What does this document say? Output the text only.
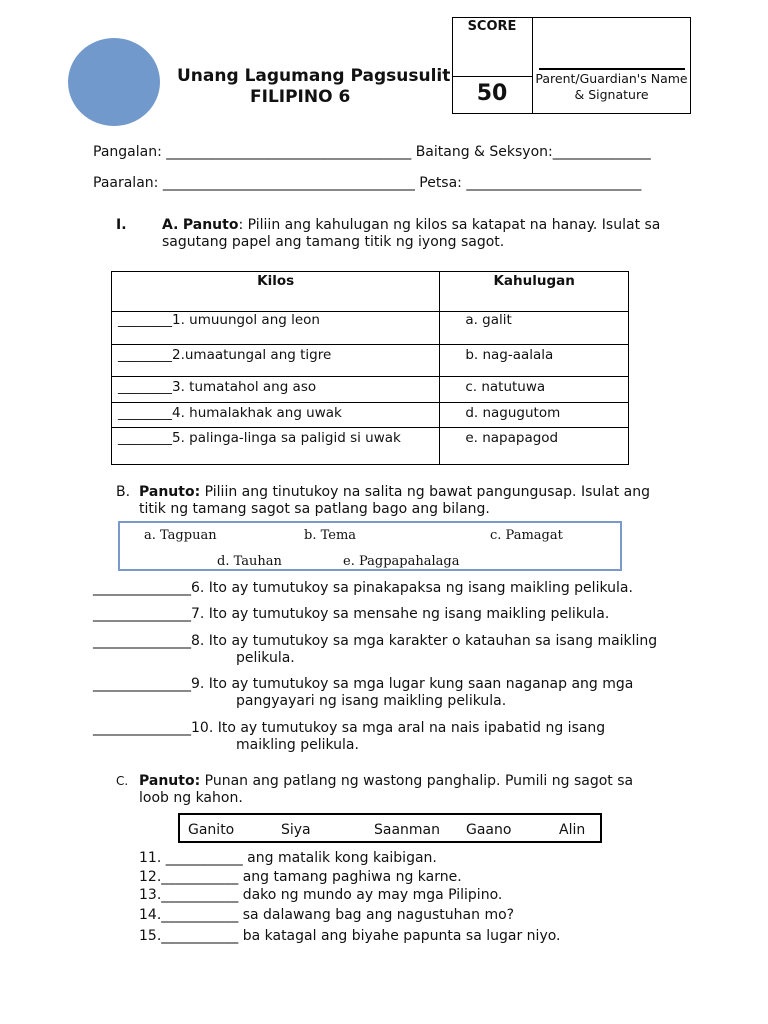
Unang Lagumang Pagsusulit
FILIPINO 6
SCORE
50
Parent/Guardian's Name
& Signature
Pangalan: ___________________________________ Baitang & Seksyon:______________
Paaralan: ____________________________________ Petsa: _________________________
I.	A. Panuto: Piliin ang kahulugan ng kilos sa katapat na hanay. Isulat sa
sagutang papel ang tamang titik ng iyong sagot.
Kilos	Kahulugan
________1. umuungol ang leon	a. galit
________2.umaatungal ang tigre	b. nag-aalala
________3. tumatahol ang aso	c. natutuwa
________4. humalakhak ang uwak	d. nagugutom
________5. palinga-linga sa paligid si uwak	e. napapagod
B. Panuto: Piliin ang tinutukoy na salita ng bawat pangungusap. Isulat ang
titik ng tamang sagot sa patlang bago ang bilang.
a. Tagpuan	b. Tema	c. Pamagat
d. Tauhan	e. Pagpapahalaga
______________6. Ito ay tumutukoy sa pinakapaksa ng isang maikling pelikula.
______________7. Ito ay tumutukoy sa mensahe ng isang maikling pelikula.
______________8. Ito ay tumutukoy sa mga karakter o katauhan sa isang maikling
pelikula.
______________9. Ito ay tumutukoy sa mga lugar kung saan naganap ang mga
pangyayari ng isang maikling pelikula.
______________10. Ito ay tumutukoy sa mga aral na nais ipabatid ng isang
maikling pelikula.
C. Panuto: Punan ang patlang ng wastong panghalip. Pumili ng sagot sa
loob ng kahon.
Ganito	Siya	Saanman Gaano	Alin
11. ___________ ang matalik kong kaibigan.
12.___________ ang tamang paghiwa ng karne.
13.___________ dako ng mundo ay may mga Pilipino.
14.___________ sa dalawang bag ang nagustuhan mo?
15.___________ ba katagal ang biyahe papunta sa lugar niyo.
